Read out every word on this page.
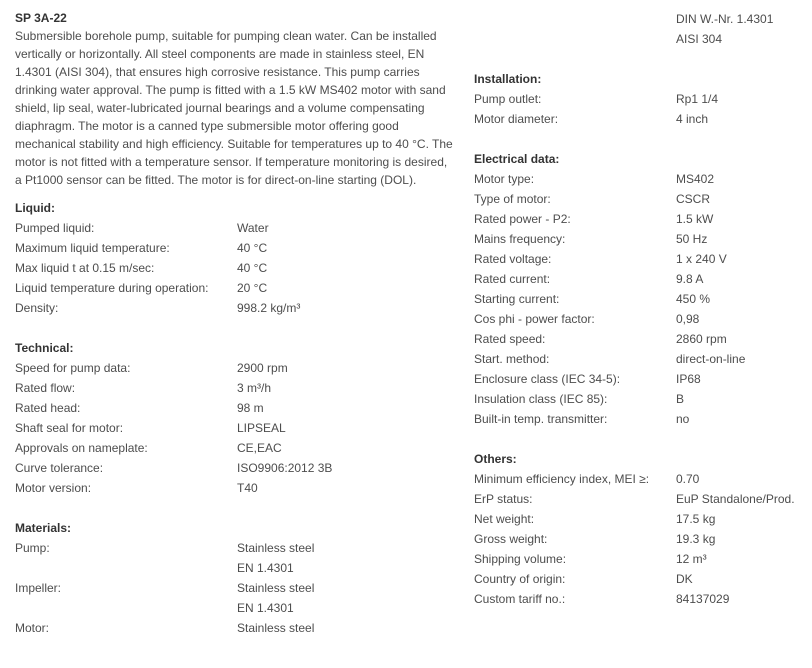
SP 3A-22

Submersible borehole pump, suitable for pumping clean water. Can be installed vertically or horizontally. All steel components are made in stainless steel, EN 1.4301 (AISI 304), that ensures high corrosive resistance. This pump carries drinking water approval. The pump is fitted with a 1.5 kW MS402 motor with sand shield, lip seal, water-lubricated journal bearings and a volume compensating diaphragm. The motor is a canned type submersible motor offering good mechanical stability and high efficiency. Suitable for temperatures up to 40 °C. The motor is not fitted with a temperature sensor. If temperature monitoring is desired, a Pt1000 sensor can be fitted. The motor is for direct-on-line starting (DOL).

Liquid:
Pumped liquid:	Water
Maximum liquid temperature:	40 °C
Max liquid t at 0.15 m/sec:	40 °C
Liquid temperature during operation:	20 °C
Density:	998.2 kg/m³
Technical:
Speed for pump data:	2900 rpm
Rated flow:	3 m³/h
Rated head:	98 m
Shaft seal for motor:	LIPSEAL
Approvals on nameplate:	CE,EAC
Curve tolerance:	ISO9906:2012 3B
Motor version:	T40
Materials:
Pump:	Stainless steel
EN 1.4301
Impeller:	Stainless steel
EN 1.4301
Motor:	Stainless steel
DIN W.-Nr. 1.4301
AISI 304
Installation:
Pump outlet:	Rp1 1/4
Motor diameter:	4 inch
Electrical data:
Motor type:	MS402
Type of motor:	CSCR
Rated power - P2:	1.5 kW
Mains frequency:	50 Hz
Rated voltage:	1 x 240 V
Rated current:	9.8 A
Starting current:	450 %
Cos phi - power factor:	0,98
Rated speed:	2860 rpm
Start. method:	direct-on-line
Enclosure class (IEC 34-5):	IP68
Insulation class (IEC 85):	B
Built-in temp. transmitter:	no
Others:
Minimum efficiency index, MEI ≥:	0.70
ErP status:	EuP Standalone/Prod.
Net weight:	17.5 kg
Gross weight:	19.3 kg
Shipping volume:	12 m³
Country of origin:	DK
Custom tariff no.:	84137029
